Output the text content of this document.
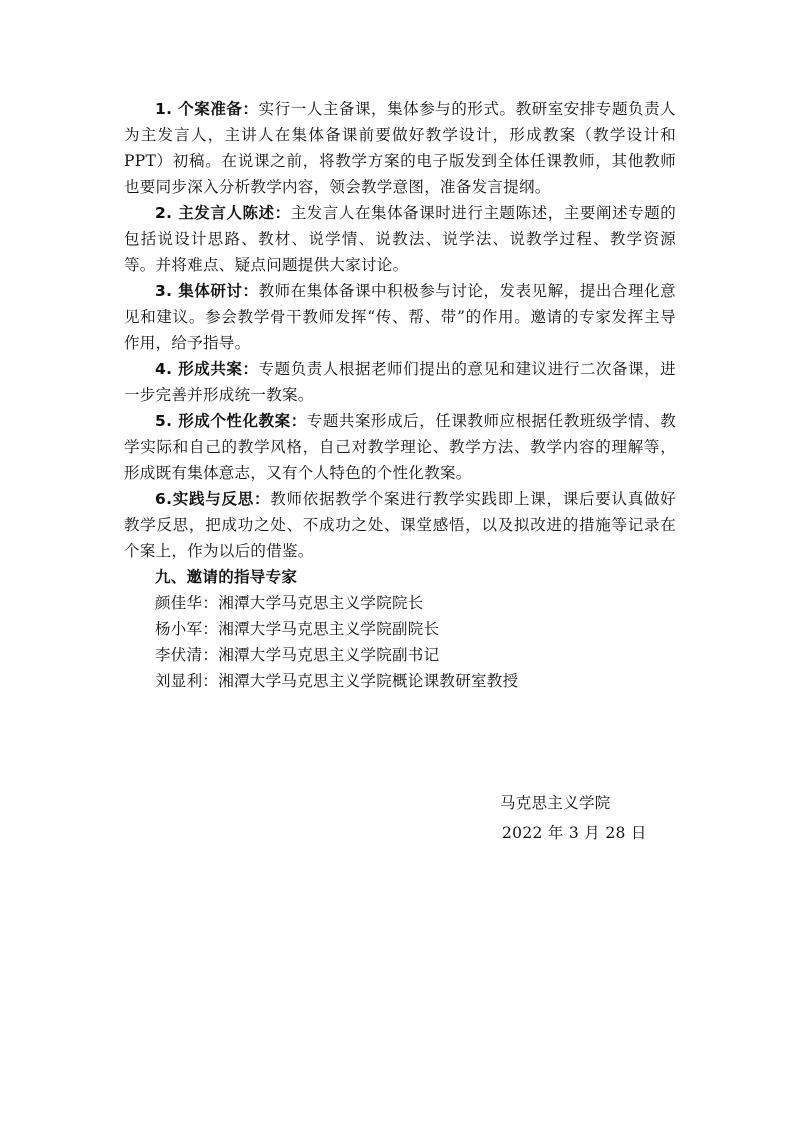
1. 个案准备：实行一人主备课，集体参与的形式。教研室安排专题负责人为主发言人，主讲人在集体备课前要做好教学设计，形成教案（教学设计和 PPT）初稿。在说课之前，将教学方案的电子版发到全体任课教师，其他教师也要同步深入分析教学内容，领会教学意图，准备发言提纲。

2. 主发言人陈述：主发言人在集体备课时进行主题陈述，主要阐述专题的包括说设计思路、教材、说学情、说教法、说学法、说教学过程、教学资源等。并将难点、疑点问题提供大家讨论。

3. 集体研讨：教师在集体备课中积极参与讨论，发表见解，提出合理化意见和建议。参会教学骨干教师发挥“传、帮、带”的作用。邀请的专家发挥主导作用，给予指导。

4. 形成共案：专题负责人根据老师们提出的意见和建议进行二次备课，进一步完善并形成统一教案。

5. 形成个性化教案：专题共案形成后，任课教师应根据任教班级学情、教学实际和自己的教学风格，自己对教学理论、教学方法、教学内容的理解等，形成既有集体意志，又有个人特色的个性化教案。

6.实践与反思：教师依据教学个案进行教学实践即上课，课后要认真做好教学反思，把成功之处、不成功之处、课堂感悟，以及拟改进的措施等记录在个案上，作为以后的借鉴。

九、邀请的指导专家

颜佳华：湘潭大学马克思主义学院院长

杨小军：湘潭大学马克思主义学院副院长

李伏清：湘潭大学马克思主义学院副书记

刘显利：湘潭大学马克思主义学院概论课教研室教授

马克思主义学院
2022 年 3 月 28 日
